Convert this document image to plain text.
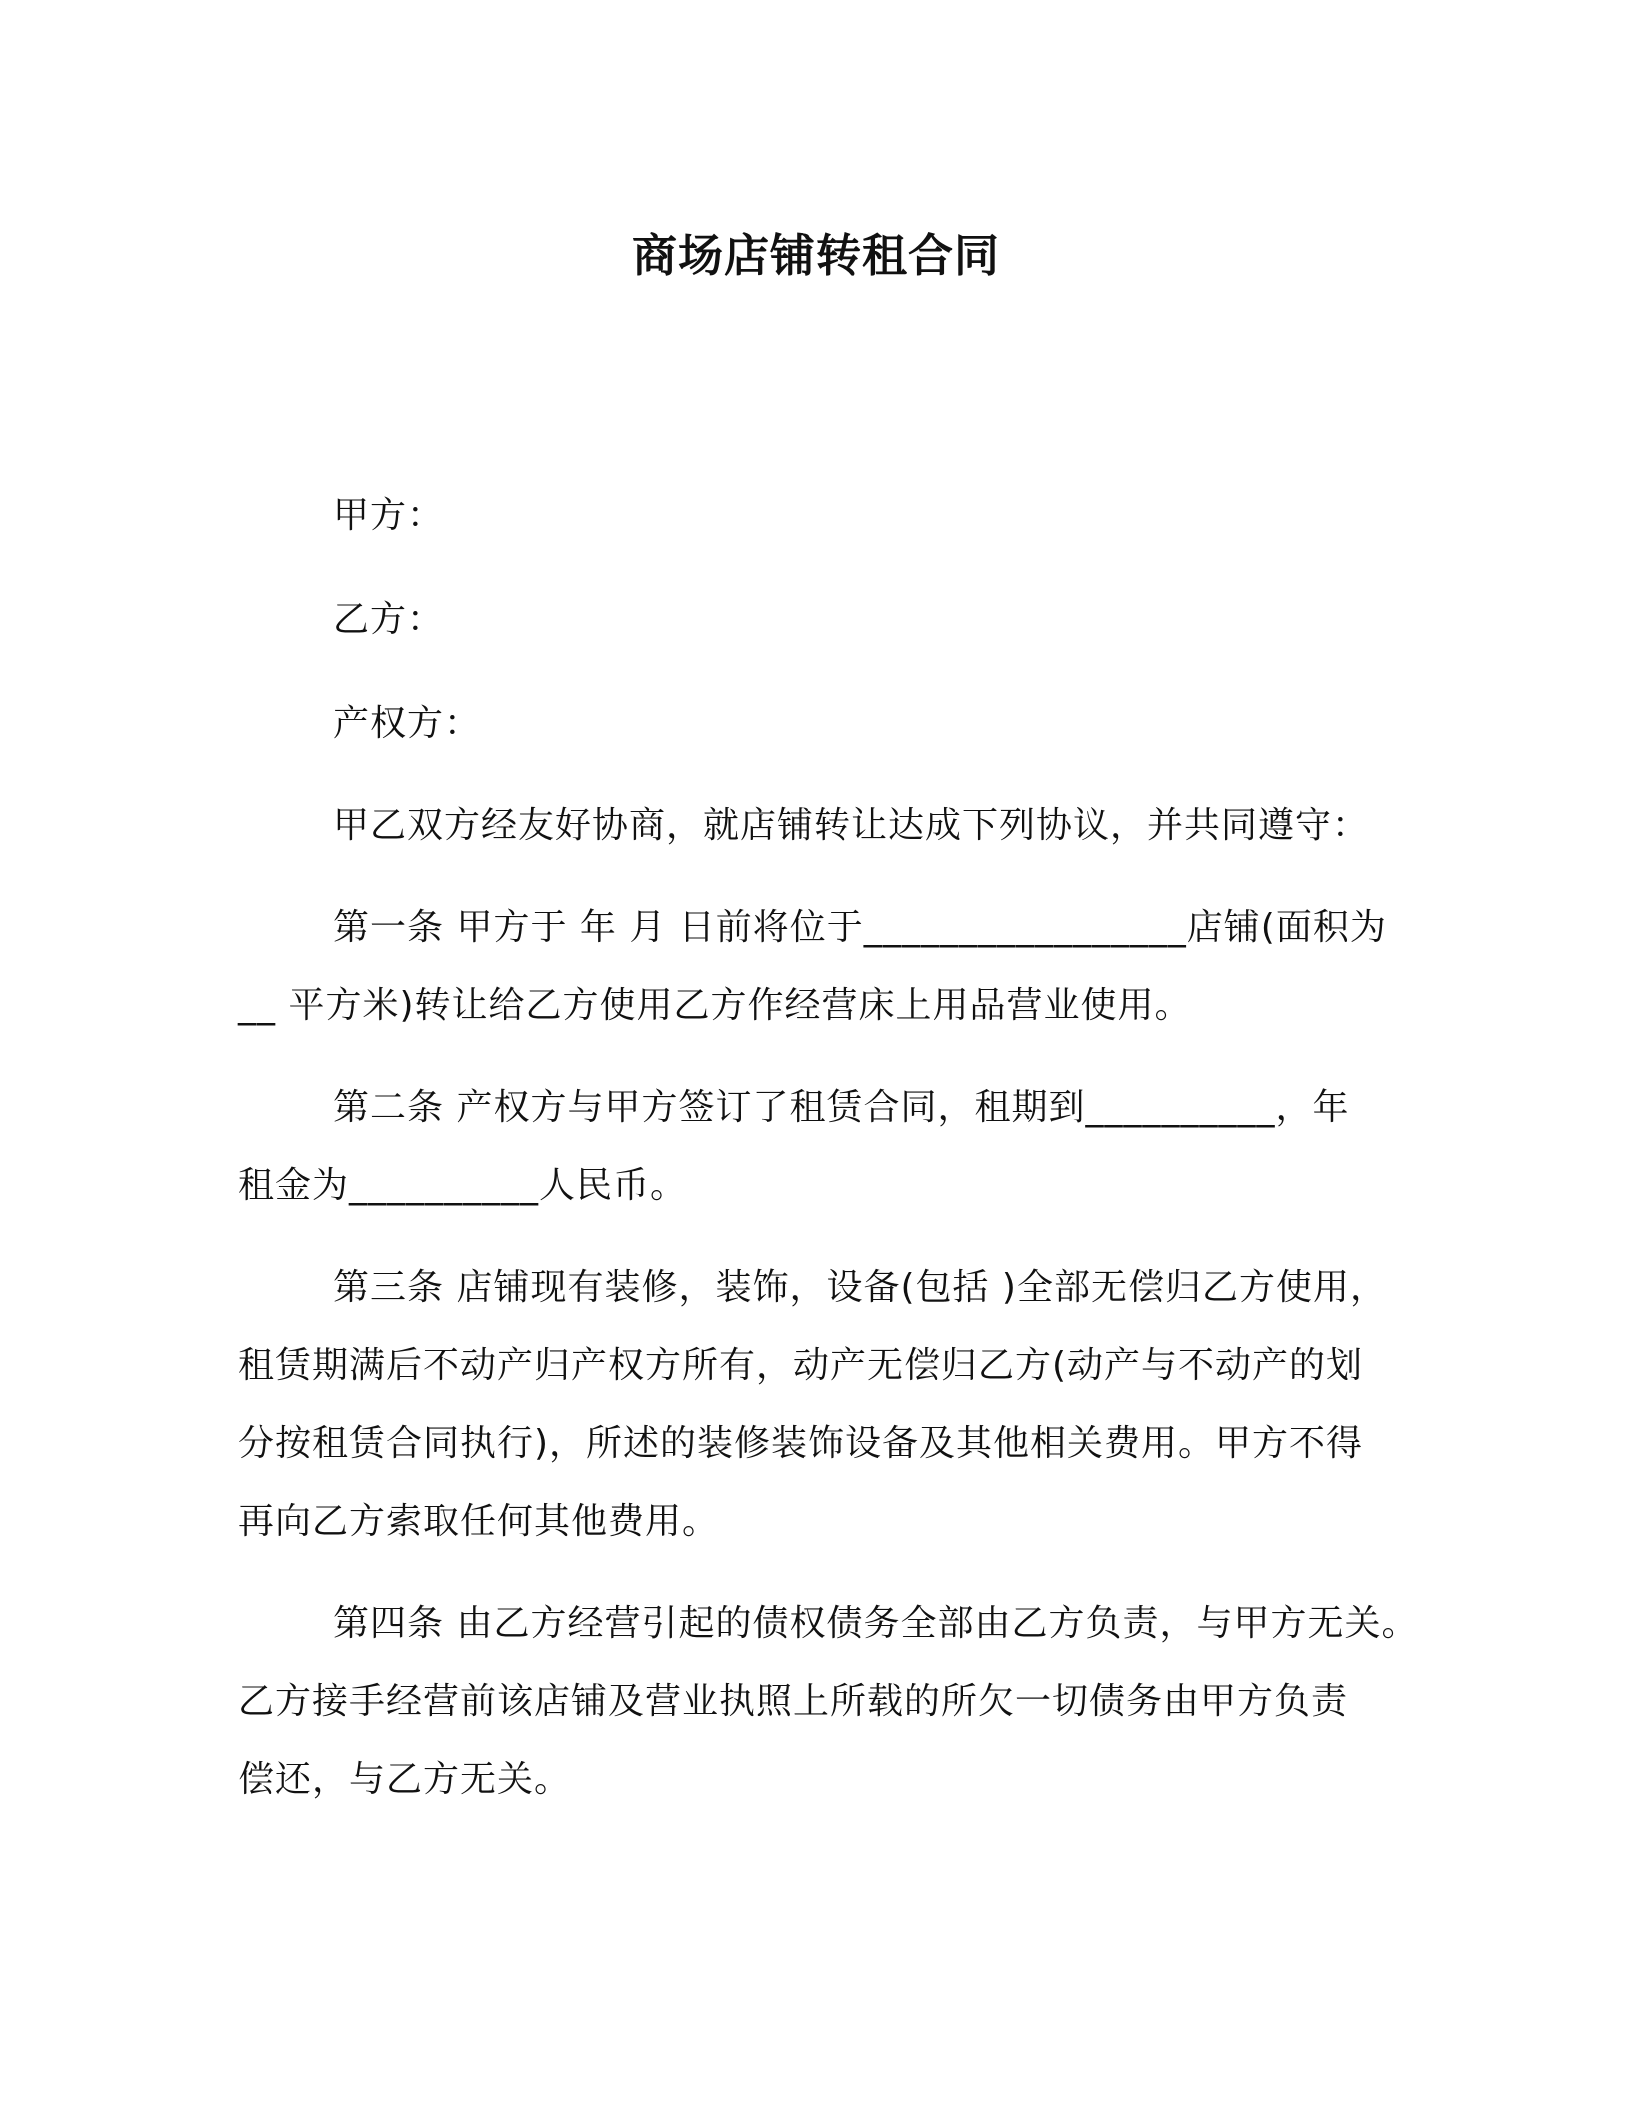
商场店铺转租合同

甲方：

乙方：

产权方：

甲乙双方经友好协商，就店铺转让达成下列协议，并共同遵守：

第一条 甲方于 年 月 日前将位于_________________店铺(面积为

__ 平方米)转让给乙方使用乙方作经营床上用品营业使用。

第二条 产权方与甲方签订了租赁合同，租期到__________，年

租金为__________人民币。

第三条 店铺现有装修，装饰，设备(包括 )全部无偿归乙方使用，

租赁期满后不动产归产权方所有，动产无偿归乙方(动产与不动产的划

分按租赁合同执行)，所述的装修装饰设备及其他相关费用。甲方不得

再向乙方索取任何其他费用。

第四条 由乙方经营引起的债权债务全部由乙方负责，与甲方无关。

乙方接手经营前该店铺及营业执照上所载的所欠一切债务由甲方负责

偿还，与乙方无关。
